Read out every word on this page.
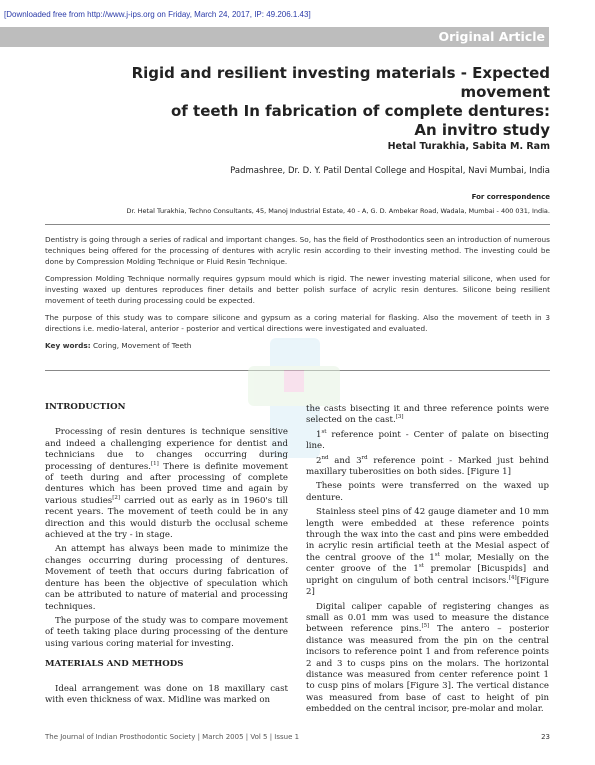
[Downloaded free from http://www.j-ips.org on Friday, March 24, 2017, IP: 49.206.1.43]
Original Article
Rigid and resilient investing materials - Expected movement
of teeth In fabrication of complete dentures:
An invitro study
Hetal Turakhia, Sabita M. Ram
Padmashree, Dr. D. Y. Patil Dental College and Hospital, Navi Mumbai, India
For correspondence
Dr. Hetal Turakhia, Techno Consultants, 45, Manoj Industrial Estate, 40 - A, G. D. Ambekar Road, Wadala, Mumbai - 400 031, India.

Dentistry is going through a series of radical and important changes. So, has the field of Prosthodontics seen an introduction of numerous techniques being offered for the processing of dentures with acrylic resin according to their investing method. The investing could be done by Compression Molding Technique or Fluid Resin Technique.

Compression Molding Technique normally requires gypsum mould which is rigid. The newer investing material silicone, when used for investing waxed up dentures reproduces finer details and better polish surface of acrylic resin dentures. Silicone being resilient movement of teeth during processing could be expected.

The purpose of this study was to compare silicone and gypsum as a coring material for flasking. Also the movement of teeth in 3 directions i.e. medio-lateral, anterior - posterior and vertical directions were investigated and evaluated.

Key words: Coring, Movement of Teeth

INTRODUCTION

Processing of resin dentures is technique sensitive and indeed a challenging experience for dentist and technicians due to changes occurring during processing of dentures.[1] There is definite movement of teeth during and after processing of complete dentures which has been proved time and again by various studies[2] carried out as early as in 1960's till recent years. The movement of teeth could be in any direction and this would disturb the occlusal scheme achieved at the try - in stage.

An attempt has always been made to minimize the changes occurring during processing of dentures. Movement of teeth that occurs during fabrication of denture has been the objective of speculation which can be attributed to nature of material and processing techniques.

The purpose of the study was to compare movement of teeth taking place during processing of the denture using various coring material for investing.

MATERIALS AND METHODS

Ideal arrangement was done on 18 maxillary cast with even thickness of wax. Midline was marked on

the casts bisecting it and three reference points were selected on the cast.[3]

1st reference point - Center of palate on bisecting line.

2nd and 3rd reference point - Marked just behind maxillary tuberosities on both sides. [Figure 1]

These points were transferred on the waxed up denture.

Stainless steel pins of 42 gauge diameter and 10 mm length were embedded at these reference points through the wax into the cast and pins were embedded in acrylic resin artificial teeth at the Mesial aspect of the central groove of the 1st molar, Mesially on the center groove of the 1st premolar [Bicuspids] and upright on cingulum of both central incisors.[4][Figure 2]

Digital caliper capable of registering changes as small as 0.01 mm was used to measure the distance between reference pins.[5] The antero – posterior distance was measured from the pin on the central incisors to reference point 1 and from reference points 2 and 3 to cusps pins on the molars. The horizontal distance was measured from center reference point 1 to cusp pins of molars [Figure 3]. The vertical distance was measured from base of cast to height of pin embedded on the central incisor, pre-molar and molar.

The Journal of Indian Prosthodontic Society | March 2005 | Vol 5 | Issue 1	23
